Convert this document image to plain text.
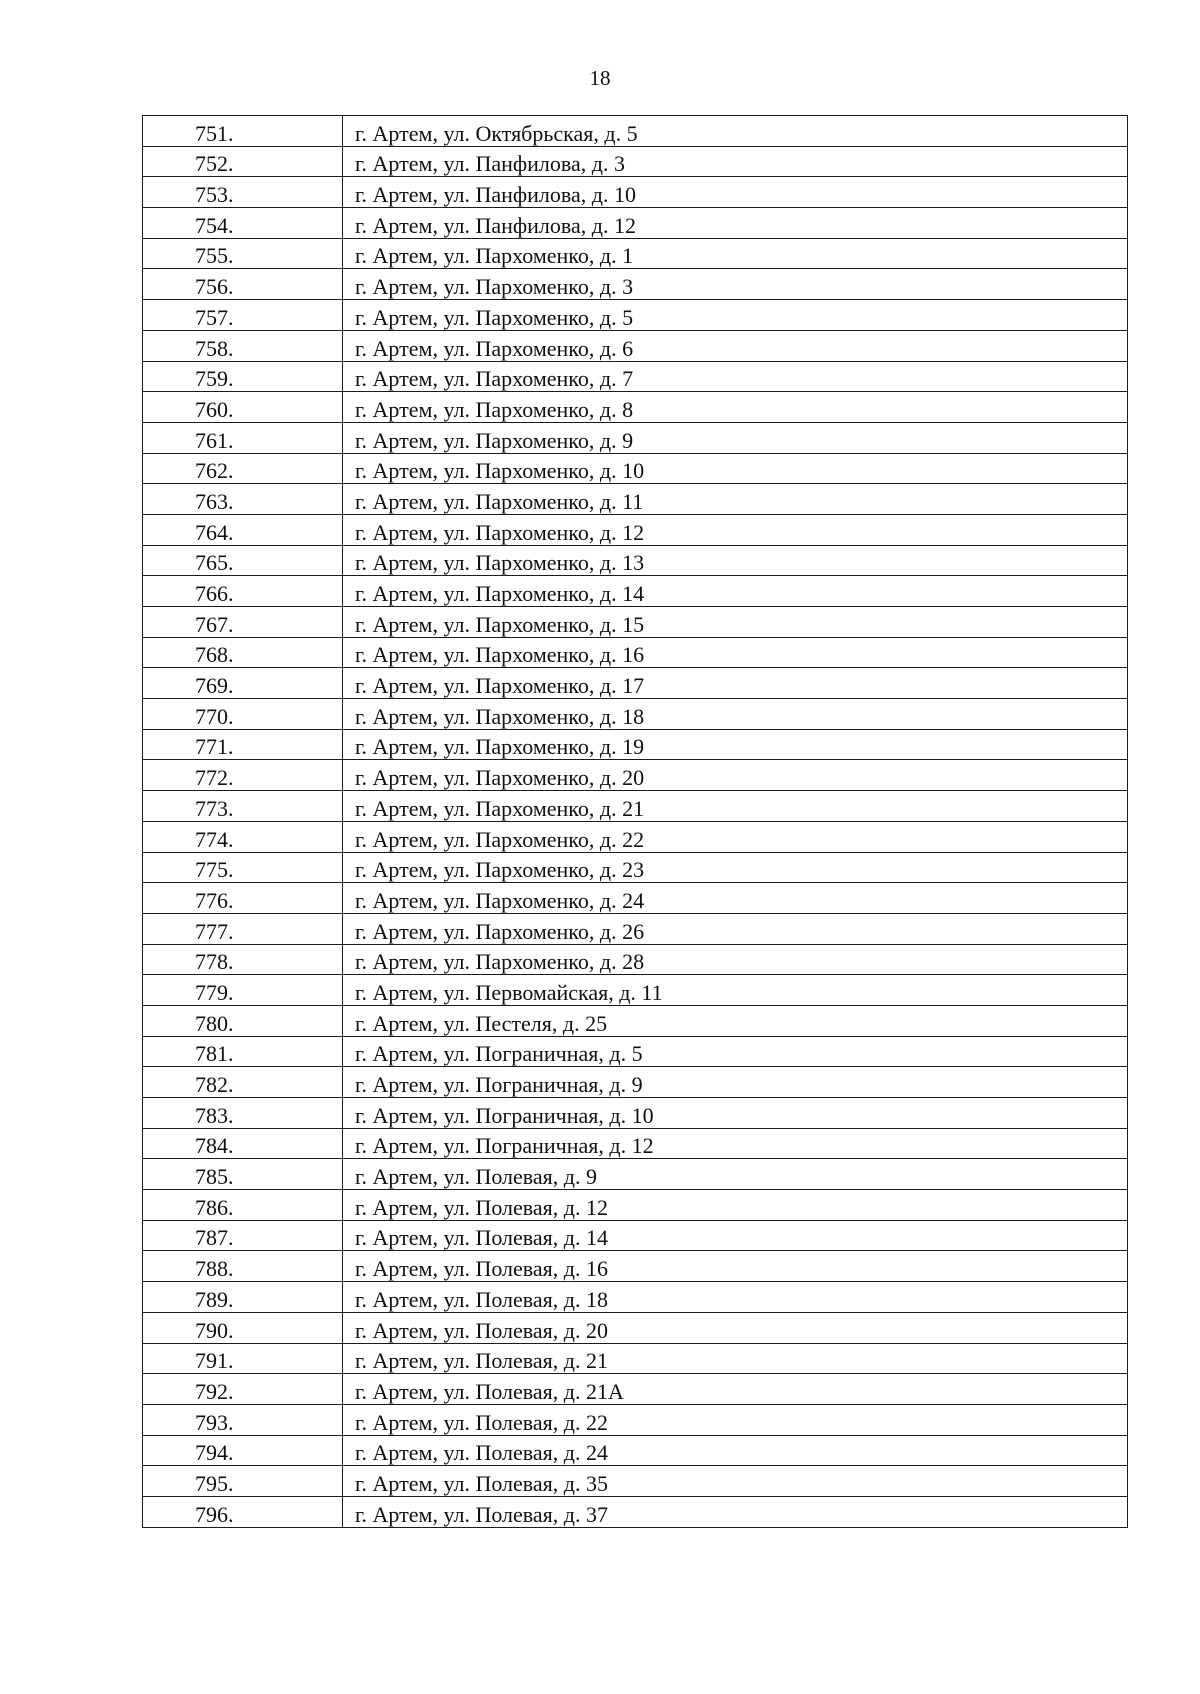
18
751.	г. Артем, ул. Октябрьская, д. 5
752.	г. Артем, ул. Панфилова, д. 3
753.	г. Артем, ул. Панфилова, д. 10
754.	г. Артем, ул. Панфилова, д. 12
755.	г. Артем, ул. Пархоменко, д. 1
756.	г. Артем, ул. Пархоменко, д. 3
757.	г. Артем, ул. Пархоменко, д. 5
758.	г. Артем, ул. Пархоменко, д. 6
759.	г. Артем, ул. Пархоменко, д. 7
760.	г. Артем, ул. Пархоменко, д. 8
761.	г. Артем, ул. Пархоменко, д. 9
762.	г. Артем, ул. Пархоменко, д. 10
763.	г. Артем, ул. Пархоменко, д. 11
764.	г. Артем, ул. Пархоменко, д. 12
765.	г. Артем, ул. Пархоменко, д. 13
766.	г. Артем, ул. Пархоменко, д. 14
767.	г. Артем, ул. Пархоменко, д. 15
768.	г. Артем, ул. Пархоменко, д. 16
769.	г. Артем, ул. Пархоменко, д. 17
770.	г. Артем, ул. Пархоменко, д. 18
771.	г. Артем, ул. Пархоменко, д. 19
772.	г. Артем, ул. Пархоменко, д. 20
773.	г. Артем, ул. Пархоменко, д. 21
774.	г. Артем, ул. Пархоменко, д. 22
775.	г. Артем, ул. Пархоменко, д. 23
776.	г. Артем, ул. Пархоменко, д. 24
777.	г. Артем, ул. Пархоменко, д. 26
778.	г. Артем, ул. Пархоменко, д. 28
779.	г. Артем, ул. Первомайская, д. 11
780.	г. Артем, ул. Пестеля, д. 25
781.	г. Артем, ул. Пограничная, д. 5
782.	г. Артем, ул. Пограничная, д. 9
783.	г. Артем, ул. Пограничная, д. 10
784.	г. Артем, ул. Пограничная, д. 12
785.	г. Артем, ул. Полевая, д. 9
786.	г. Артем, ул. Полевая, д. 12
787.	г. Артем, ул. Полевая, д. 14
788.	г. Артем, ул. Полевая, д. 16
789.	г. Артем, ул. Полевая, д. 18
790.	г. Артем, ул. Полевая, д. 20
791.	г. Артем, ул. Полевая, д. 21
792.	г. Артем, ул. Полевая, д. 21А
793.	г. Артем, ул. Полевая, д. 22
794.	г. Артем, ул. Полевая, д. 24
795.	г. Артем, ул. Полевая, д. 35
796.	г. Артем, ул. Полевая, д. 37
